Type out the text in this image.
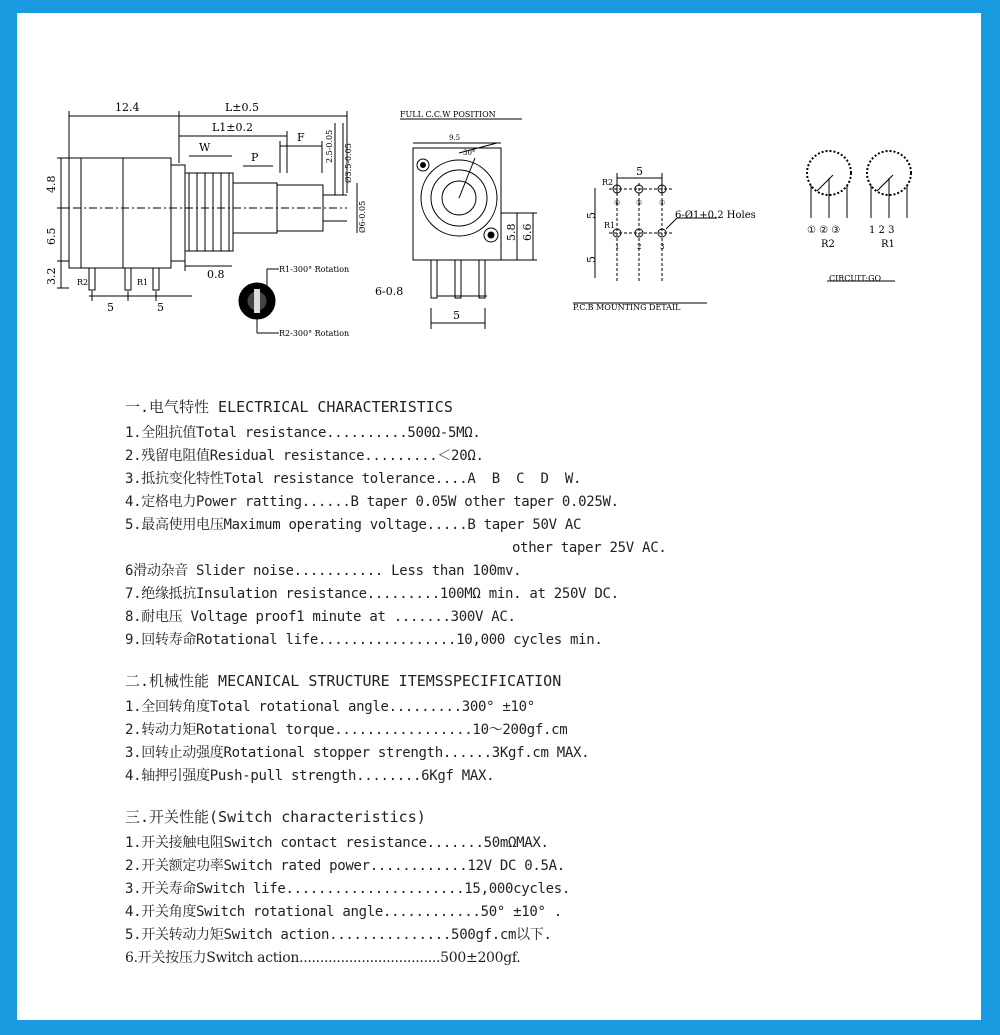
12.4	L±0.5
L1±0.2
W
F
P	2.5-0.05 Ø3.5-0.05
Ø6-0.05
4.8
6.5
3.2 R2	R1
5	5
0.8	R1-300° Rotation
R2-300° Rotation
FULL C.C.W POSITION
9.5
30°
5.8 6.6
6-0.8
5
P.C.B MOUNTING DETAIL
5
5
5
R2
R1
⑥ ⑤ ④
1	2	3
6-Ø1+0.2 Holes
CIRCUIT:GO
① ② ③	1 2 3
R2	R1
一.电气特性 ELECTRICAL CHARACTERISTICS
1.全阻抗值Total resistance..........500Ω-5MΩ.
2.残留电阻值Residual resistance.........＜20Ω.
3.抵抗变化特性Total resistance tolerance....A  B  C  D  W.
4.定格电力Power ratting......B taper 0.05W other taper 0.025W.
5.最高使用电压Maximum operating voltage.....B taper 50V AC
other taper 25V AC.
6滑动杂音 Slider noise........... Less than 100mv.
7.绝缘抵抗Insulation resistance.........100MΩ min. at 250V DC.
8.耐电压 Voltage proof1 minute at .......300V AC.
9.回转寿命Rotational life.................10,000 cycles min.
二.机械性能 MECANICAL STRUCTURE ITEMSSPECIFICATION
1.全回转角度Total rotational angle.........300° ±10°
2.转动力矩Rotational torque.................10～200gf.cm
3.回转止动强度Rotational stopper strength......3Kgf.cm MAX.
4.轴押引强度Push-pull strength........6Kgf MAX.
三.开关性能(Switch characteristics)
1.开关接触电阻Switch contact resistance.......50mΩMAX.
2.开关额定功率Switch rated power............12V DC 0.5A.
3.开关寿命Switch life......................15,000cycles.
4.开关角度Switch rotational angle............50° ±10° .
5.开关转动力矩Switch action...............500gf.cm以下.
6.开关按压力Switch action..................................500±200gf.
